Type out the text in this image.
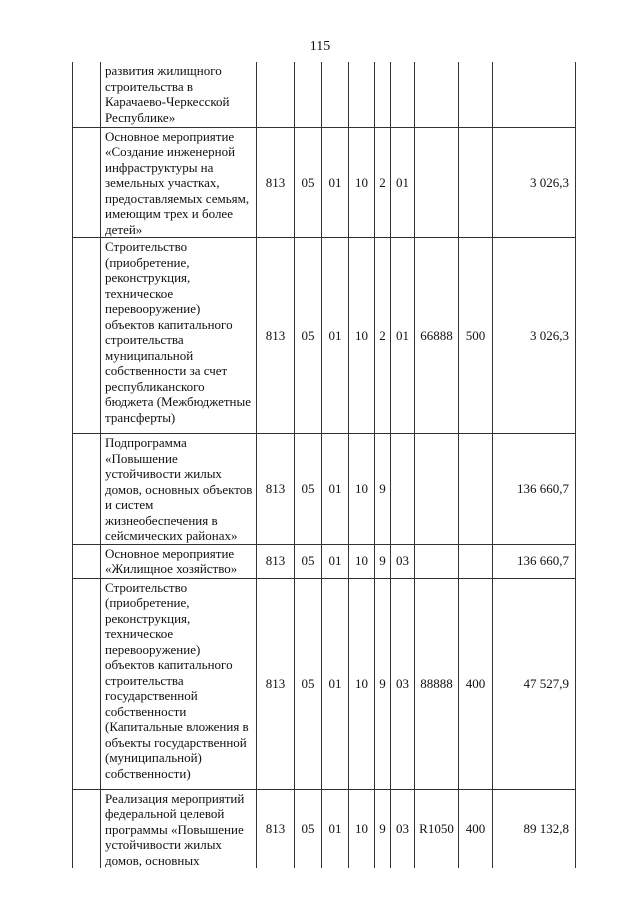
115
	развития жилищного строительства в Карачаево-Черкесской Республике»									
	Основное мероприятие «Создание инженерной инфраструктуры на земельных участках, предоставляемых семьям, имеющим трех и более детей»	813	05	01	10	2	01			3 026,3
	Строительство (приобретение, реконструкция, техническое перевооружение) объектов капитального строительства муниципальной собственности за счет республиканского бюджета (Межбюджетные трансферты)	813	05	01	10	2	01	66888	500	3 026,3
	Подпрограмма «Повышение устойчивости жилых домов, основных объектов и систем жизнеобеспечения в сейсмических районах»	813	05	01	10	9				136 660,7
	Основное мероприятие «Жилищное хозяйство»	813	05	01	10	9	03			136 660,7
	Строительство (приобретение, реконструкция, техническое перевооружение) объектов капитального строительства государственной собственности (Капитальные вложения в объекты государственной (муниципальной) собственности)	813	05	01	10	9	03	88888	400	47 527,9
	Реализация мероприятий федеральной целевой программы «Повышение устойчивости жилых домов, основных	813	05	01	10	9	03	R1050	400	89 132,8
